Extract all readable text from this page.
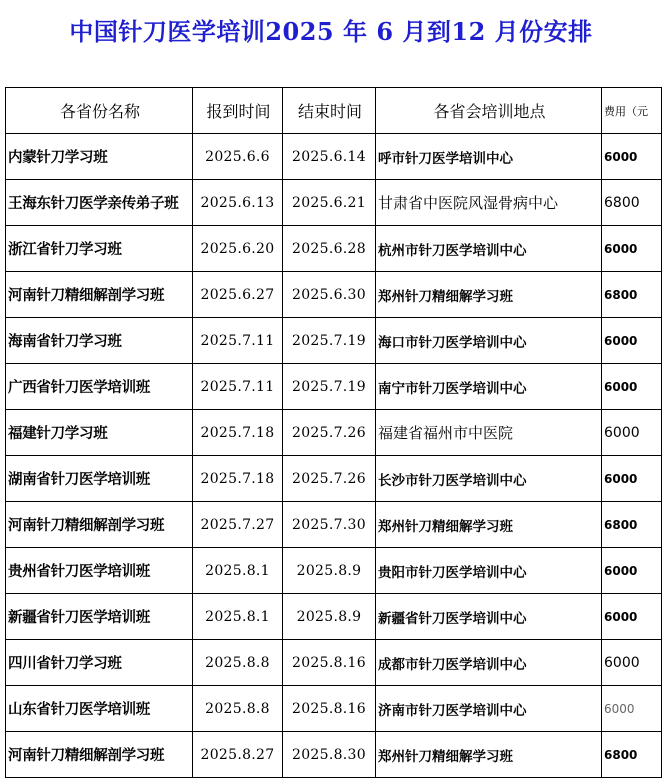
中国针刀医学培训2025 年 6 月到12 月份安排
各省份名称	报到时间	结束时间	各省会培训地点	费用（元
内蒙针刀学习班	2025.6.6	2025.6.14	呼市针刀医学培训中心	6000
王海东针刀医学亲传弟子班	2025.6.13	2025.6.21	甘肃省中医院风湿骨病中心	6800
浙江省针刀学习班	2025.6.20	2025.6.28	杭州市针刀医学培训中心	6000
河南针刀精细解剖学习班	2025.6.27	2025.6.30	郑州针刀精细解学习班	6800
海南省针刀学习班	2025.7.11	2025.7.19	海口市针刀医学培训中心	6000
广西省针刀医学培训班	2025.7.11	2025.7.19	南宁市针刀医学培训中心	6000
福建针刀学习班	2025.7.18	2025.7.26	福建省福州市中医院	6000
湖南省针刀医学培训班	2025.7.18	2025.7.26	长沙市针刀医学培训中心	6000
河南针刀精细解剖学习班	2025.7.27	2025.7.30	郑州针刀精细解学习班	6800
贵州省针刀医学培训班	2025.8.1	2025.8.9	贵阳市针刀医学培训中心	6000
新疆省针刀医学培训班	2025.8.1	2025.8.9	新疆省针刀医学培训中心	6000
四川省针刀学习班	2025.8.8	2025.8.16	成都市针刀医学培训中心	6000
山东省针刀医学培训班	2025.8.8	2025.8.16	济南市针刀医学培训中心	6000
河南针刀精细解剖学习班	2025.8.27	2025.8.30	郑州针刀精细解学习班	6800
